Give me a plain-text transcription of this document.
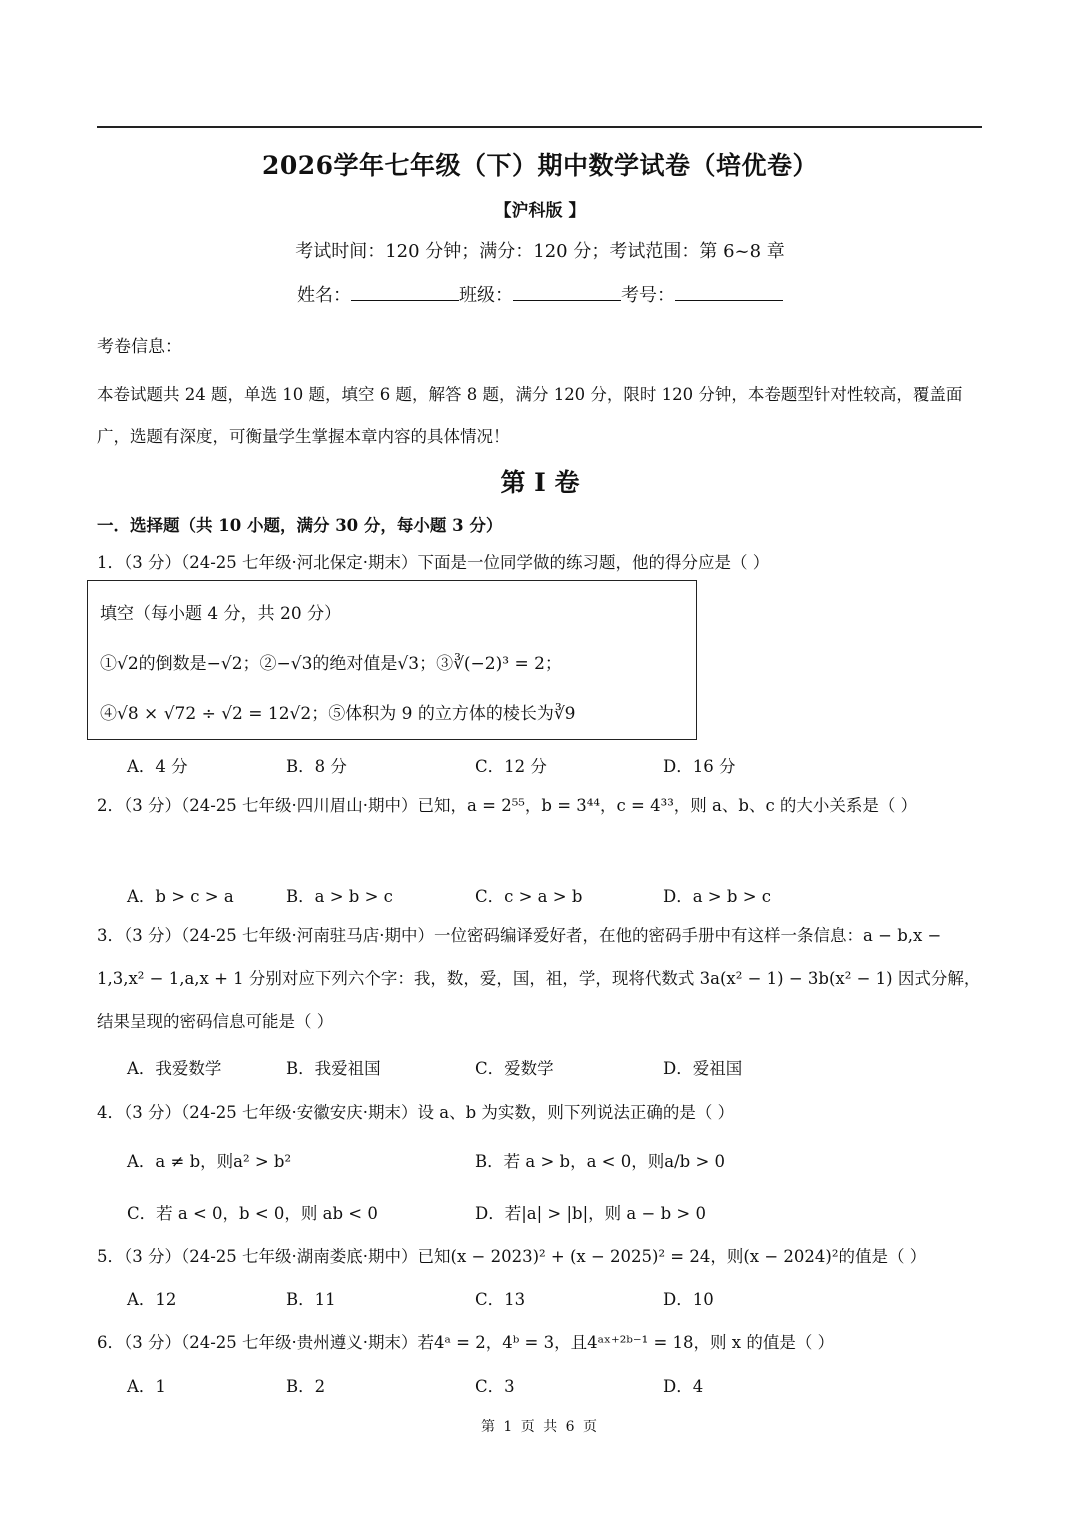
2026学年七年级（下）期中数学试卷（培优卷）
【沪科版 】
考试时间：120 分钟；满分：120 分；考试范围：第 6~8 章
姓名：	班级：	考号：
考卷信息：
本卷试题共 24 题，单选 10 题，填空 6 题，解答 8 题，满分 120 分，限时 120 分钟，本卷题型针对性较高，覆盖面广，选题有深度，可衡量学生掌握本章内容的具体情况！
第 I 卷
一．选择题（共 10 小题，满分 30 分，每小题 3 分）
1．（3 分）（24-25 七年级·河北保定·期末）下面是一位同学做的练习题，他的得分应是（ ）
填空（每小题 4 分，共 20 分）
①√2的倒数是−√2；②−√3的绝对值是√3；③∛(−2)³ = 2；
④√8 × √72 ÷ √2 = 12√2；⑤体积为 9 的立方体的棱长为∛9
A．4 分	B．8 分	C．12 分	D．16 分
2．（3 分）（24-25 七年级·四川眉山·期中）已知，a = 2⁵⁵，b = 3⁴⁴，c = 4³³，则 a、b、c 的大小关系是（ ）
A．b > c > a	B．a > b > c	C．c > a > b	D．a > b > c
3．（3 分）（24-25 七年级·河南驻马店·期中）一位密码编译爱好者，在他的密码手册中有这样一条信息：a − b,x − 1,3,x² − 1,a,x + 1 分别对应下列六个字：我，数，爱，国，祖，学，现将代数式 3a(x² − 1) − 3b(x² − 1) 因式分解，结果呈现的密码信息可能是（ ）
A．我爱数学	B．我爱祖国	C．爱数学	D．爱祖国
4．（3 分）（24-25 七年级·安徽安庆·期末）设 a、b 为实数，则下列说法正确的是（ ）
A．a ≠ b，则a² > b²	B．若 a > b，a < 0，则a/b > 0
C．若 a < 0，b < 0，则 ab < 0	D．若|a| > |b|，则 a − b > 0
5．（3 分）（24-25 七年级·湖南娄底·期中）已知(x − 2023)² + (x − 2025)² = 24，则(x − 2024)²的值是（ ）
A．12	B．11	C．13	D．10
6．（3 分）（24-25 七年级·贵州遵义·期末）若4ᵃ = 2，4ᵇ = 3，且4ᵃˣ⁺²ᵇ⁻¹ = 18，则 x 的值是（ ）
A．1	B．2	C．3	D．4
第 1 页 共 6 页
